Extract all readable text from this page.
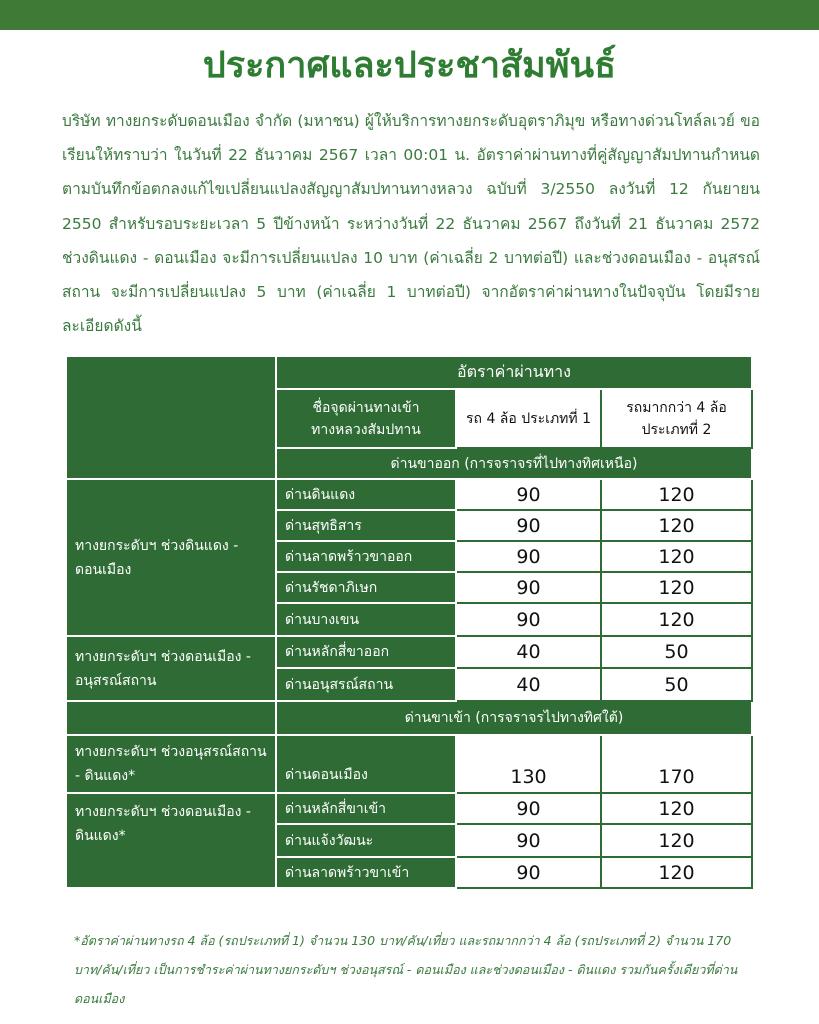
ประกาศและประชาสัมพันธ์
บริษัท ทางยกระดับดอนเมือง จำกัด (มหาชน) ผู้ให้บริการทางยกระดับอุตราภิมุข หรือทางด่วนโทล์ลเวย์ ขอเรียนให้ทราบว่า ในวันที่ 22 ธันวาคม 2567 เวลา 00:01 น. อัตราค่าผ่านทางที่คู่สัญญาสัมปทานกำหนดตามบันทึกข้อตกลงแก้ไขเปลี่ยนแปลงสัญญาสัมปทานทางหลวง ฉบับที่ 3/2550 ลงวันที่ 12 กันยายน 2550 สำหรับรอบระยะเวลา 5 ปีข้างหน้า ระหว่างวันที่ 22 ธันวาคม 2567 ถึงวันที่ 21 ธันวาคม 2572 ช่วงดินแดง - ดอนเมือง จะมีการเปลี่ยนแปลง 10 บาท (ค่าเฉลี่ย 2 บาทต่อปี) และช่วงดอนเมือง - อนุสรณ์สถาน จะมีการเปลี่ยนแปลง 5 บาท (ค่าเฉลี่ย 1 บาทต่อปี) จากอัตราค่าผ่านทางในปัจจุบัน โดยมีรายละเอียดดังนี้
	อัตราค่าผ่านทาง		
	ชื่อจุดผ่านทางเข้า ทางหลวงสัมปทาน	รถ 4 ล้อ ประเภทที่ 1	รถมากกว่า 4 ล้อ ประเภทที่ 2
	ด่านขาออก (การจราจรที่ไปทางทิศเหนือ)		
ทางยกระดับฯ ช่วงดินแดง - ดอนเมือง	ด่านดินแดง	90	120
	ด่านสุทธิสาร	90	120
	ด่านลาดพร้าวขาออก	90	120
	ด่านรัชดาภิเษก	90	120
	ด่านบางเขน	90	120
ทางยกระดับฯ ช่วงดอนเมือง - อนุสรณ์สถาน	ด่านหลักสี่ขาออก	40	50
	ด่านอนุสรณ์สถาน	40	50
	ด่านขาเข้า (การจราจรไปทางทิศใต้)		
ทางยกระดับฯ ช่วงอนุสรณ์สถาน - ดินแดง*	ด่านดอนเมือง	130	170
ทางยกระดับฯ ช่วงดอนเมือง - ดินแดง*	ด่านหลักสี่ขาเข้า	90	120
	ด่านแจ้งวัฒนะ	90	120
	ด่านลาดพร้าวขาเข้า	90	120
*อัตราค่าผ่านทางรถ 4 ล้อ (รถประเภทที่ 1) จำนวน 130 บาท/คัน/เที่ยว และรถมากกว่า 4 ล้อ (รถประเภทที่ 2) จำนวน 170 บาท/คัน/เที่ยว เป็นการชำระค่าผ่านทางยกระดับฯ ช่วงอนุสรณ์ - ดอนเมือง และช่วงดอนเมือง - ดินแดง รวมกันครั้งเดียวที่ด่านดอนเมือง
